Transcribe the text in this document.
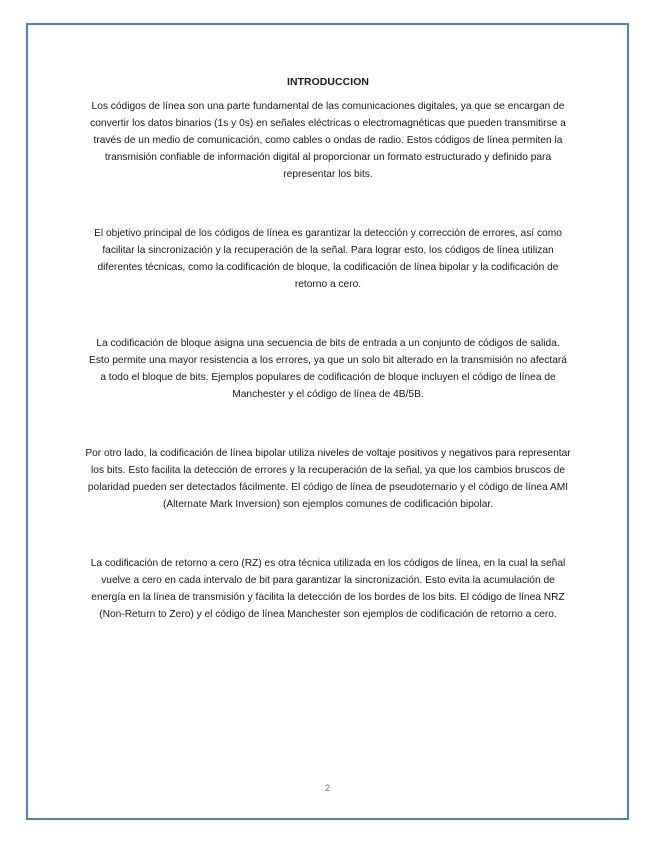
INTRODUCCION

Los códigos de línea son una parte fundamental de las comunicaciones digitales, ya que se encargan de convertir los datos binarios (1s y 0s) en señales eléctricas o electromagnéticas que pueden transmitirse a través de un medio de comunicación, como cables o ondas de radio. Estos códigos de línea permiten la transmisión confiable de información digital al proporcionar un formato estructurado y definido para representar los bits.

El objetivo principal de los códigos de línea es garantizar la detección y corrección de errores, así como facilitar la sincronización y la recuperación de la señal. Para lograr esto, los códigos de línea utilizan diferentes técnicas, como la codificación de bloque, la codificación de línea bipolar y la codificación de retorno a cero.

La codificación de bloque asigna una secuencia de bits de entrada a un conjunto de códigos de salida. Esto permite una mayor resistencia a los errores, ya que un solo bit alterado en la transmisión no afectará a todo el bloque de bits. Ejemplos populares de codificación de bloque incluyen el código de línea de Manchester y el código de línea de 4B/5B.

Por otro lado, la codificación de línea bipolar utiliza niveles de voltaje positivos y negativos para representar los bits. Esto facilita la detección de errores y la recuperación de la señal, ya que los cambios bruscos de polaridad pueden ser detectados fácilmente. El código de línea de pseudoternario y el código de línea AMI (Alternate Mark Inversion) son ejemplos comunes de codificación bipolar.

La codificación de retorno a cero (RZ) es otra técnica utilizada en los códigos de línea, en la cual la señal vuelve a cero en cada intervalo de bit para garantizar la sincronización. Esto evita la acumulación de energía en la línea de transmisión y facilita la detección de los bordes de los bits. El código de línea NRZ (Non-Return to Zero) y el código de línea Manchester son ejemplos de codificación de retorno a cero.

2
